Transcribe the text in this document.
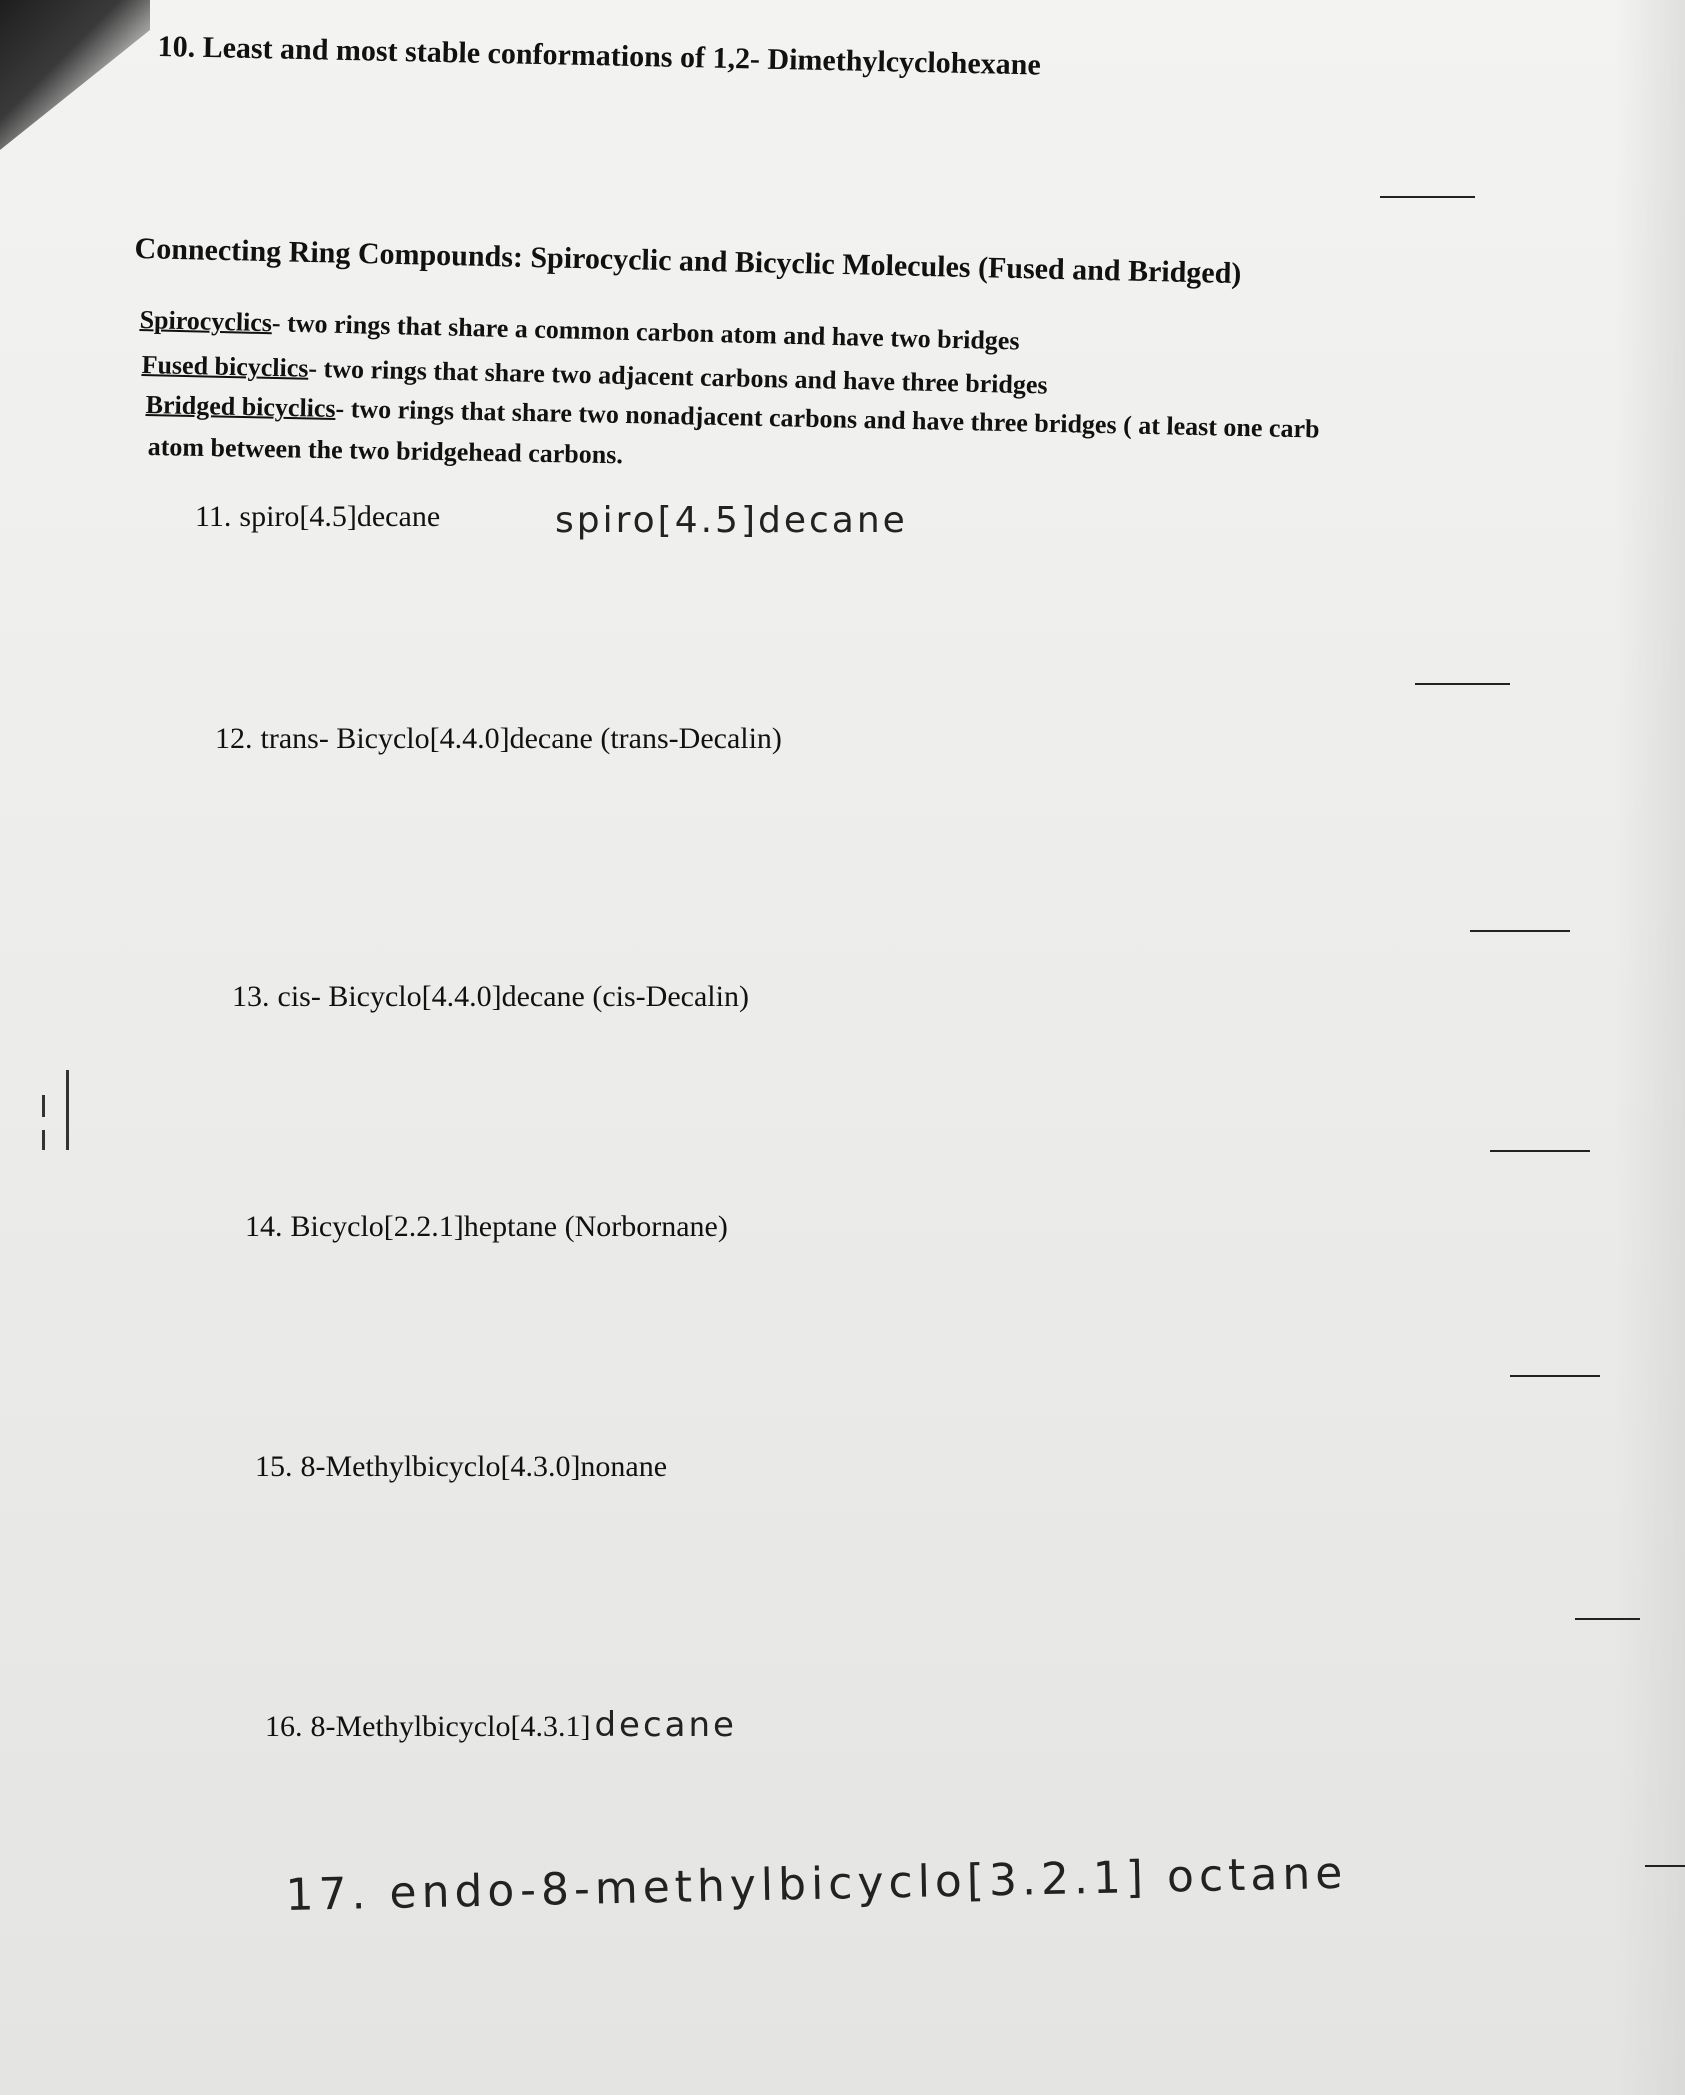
10. Least and most stable conformations of 1,2- Dimethylcyclohexane
Connecting Ring Compounds: Spirocyclic and Bicyclic Molecules (Fused and Bridged)
Spirocyclics- two rings that share a common carbon atom and have two bridges
Fused bicyclics- two rings that share two adjacent carbons and have three bridges
Bridged bicyclics- two rings that share two nonadjacent carbons and have three bridges ( at least one carb
atom between the two bridgehead carbons.
11. spiro[4.5]decane	spiro[4.5]decane
12. trans- Bicyclo[4.4.0]decane (trans-Decalin)
13. cis- Bicyclo[4.4.0]decane (cis-Decalin)
14. Bicyclo[2.2.1]heptane (Norbornane)
15. 8-Methylbicyclo[4.3.0]nonane
16. 8-Methylbicyclo[4.3.1] decane
17. endo-8-methylbicyclo[3.2.1] octane
